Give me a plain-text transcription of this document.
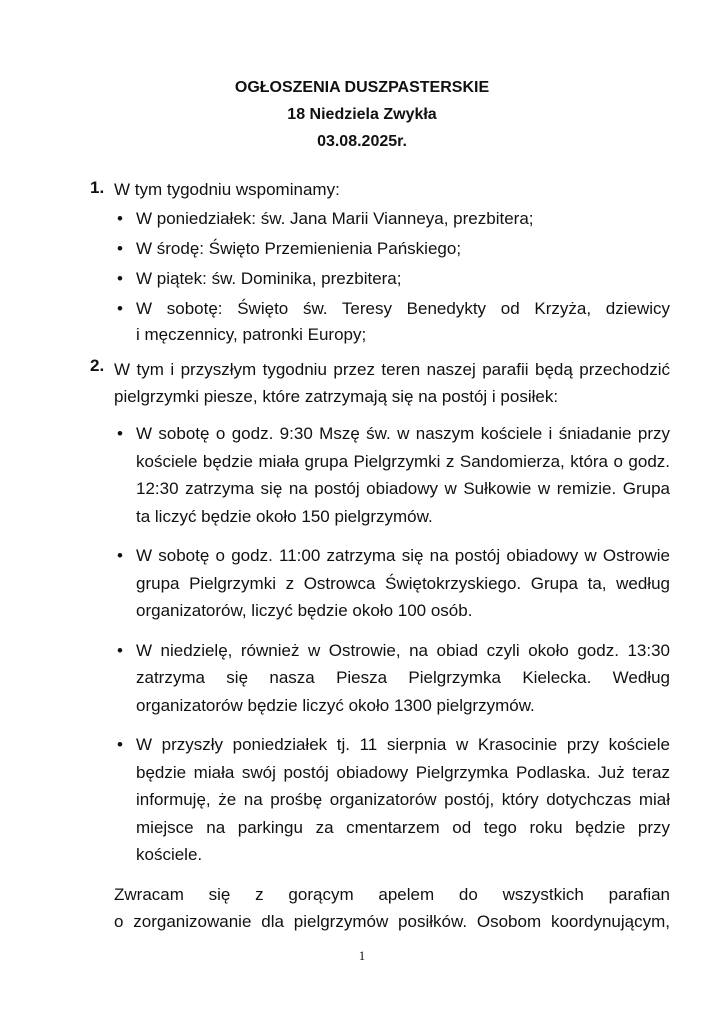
OGŁOSZENIA DUSZPASTERSKIE
18 Niedziela Zwykła
03.08.2025r.
1. W tym tygodniu wspominamy:
• W poniedziałek: św. Jana Marii Vianneya, prezbitera;
• W środę: Święto Przemienienia Pańskiego;
• W piątek: św. Dominika, prezbitera;
• W sobotę: Święto św. Teresy Benedykty od Krzyża, dziewicy
i męczennicy, patronki Europy;
2. W tym i przyszłym tygodniu przez teren naszej parafii będą przechodzić
pielgrzymki piesze, które zatrzymają się na postój i posiłek:
• W sobotę o godz. 9:30 Mszę św. w naszym kościele i śniadanie przy
kościele będzie miała grupa Pielgrzymki z Sandomierza, która o godz.
12:30 zatrzyma się na postój obiadowy w Sułkowie w remizie. Grupa
ta liczyć będzie około 150 pielgrzymów.
• W sobotę o godz. 11:00 zatrzyma się na postój obiadowy w Ostrowie
grupa Pielgrzymki z Ostrowca Świętokrzyskiego. Grupa ta, według
organizatorów, liczyć będzie około 100 osób.
• W niedzielę, również w Ostrowie, na obiad czyli około godz. 13:30
zatrzyma się nasza Piesza Pielgrzymka Kielecka. Według
organizatorów będzie liczyć około 1300 pielgrzymów.
• W przyszły poniedziałek tj. 11 sierpnia w Krasocinie przy kościele
będzie miała swój postój obiadowy Pielgrzymka Podlaska. Już teraz
informuję, że na prośbę organizatorów postój, który dotychczas miał
miejsce na parkingu za cmentarzem od tego roku będzie przy
kościele.
Zwracam się z gorącym apelem do wszystkich parafian
o zorganizowanie dla pielgrzymów posiłków. Osobom koordynującym,
1
